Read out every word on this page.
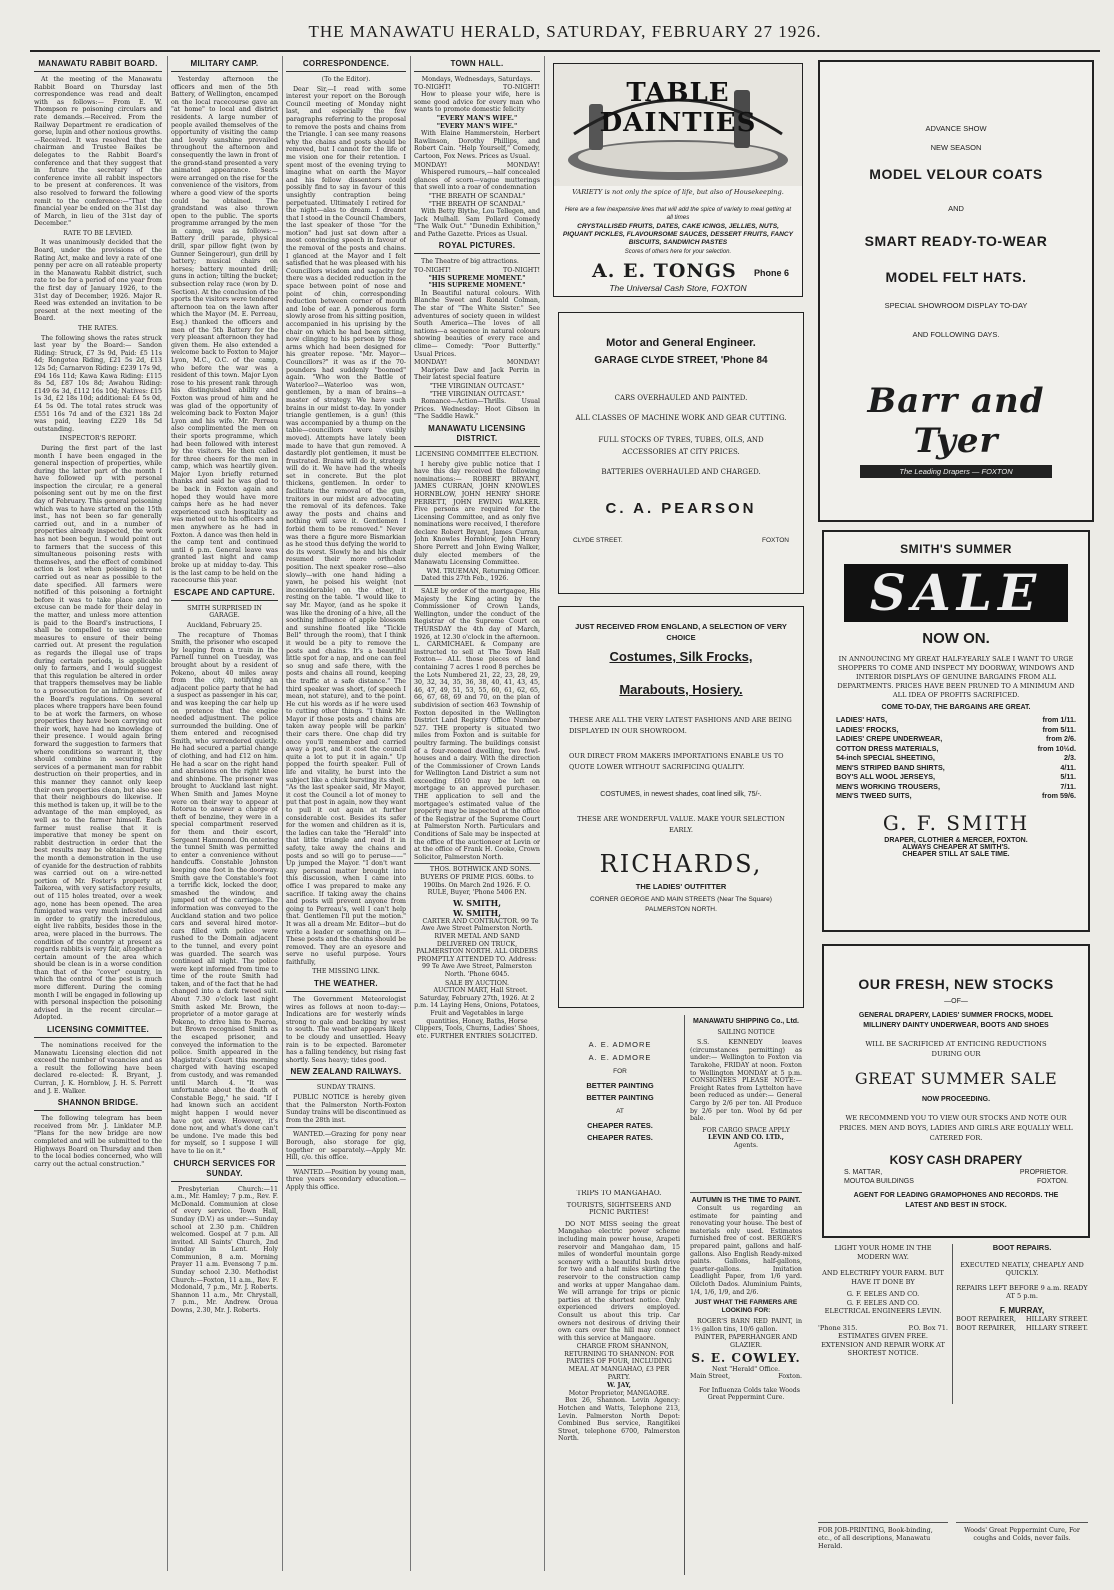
THE MANAWATU HERALD, SATURDAY, FEBRUARY 27 1926.
MANAWATU RABBIT BOARD.

At the meeting of the Manawatu Rabbit Board on Thursday last correspondence was read and dealt with as follows:— From E. W. Thompson re poisoning circulars and rate demands.—Received. From the Railway Department re eradication of gorse, lupin and other noxious growths.—Received. It was resolved that the chairman and Trustee Baikes be delegates to the Rabbit Board's conference and that they suggest that in future the secretary of the conference invite all rabbit inspectors to be present at conferences. It was also resolved to forward the following remit to the conference:—"That the financial year be ended on the 31st day of March, in lieu of the 31st day of December."

RATE TO BE LEVIED.

It was unanimously decided that the Board, under the provisions of the Rating Act, make and levy a rate of one penny per acre on all rateable property in the Manawatu Rabbit district, such rate to be for a period of one year from the first day of January 1926, to the 31st day of December, 1926. Major R. Reed was extended an invitation to be present at the next meeting of the Board.

THE RATES.

The following shows the rates struck last year by the Board:— Sandon Riding: Struck, £7 3s 9d, Paid: £5 11s 4d; Rongotea Riding, £21 5s 2d, £13 12s 5d; Carnarvon Riding: £239 17s 9d, £94 16s 11d; Kawa Kawa Riding: £115 8s 5d, £87 10s 8d; Awahou Riding: £149 6s 3d, £112 16s 10d; Natives: £15 1s 3d, £2 18s 10d; additional: £4 5s 0d, £4 5s 0d. The total rates struck was £551 16s 7d and of the £321 18s 2d was paid, leaving £229 18s 5d outstanding.

INSPECTOR'S REPORT.

During the first part of the last month I have been engaged in the general inspection of properties, while during the latter part of the month I have followed up with personal inspection the circular, re a general poisoning sent out by me on the first day of February. This general poisoning which was to have started on the 15th inst., has not been so far generally carried out, and in a number of properties already inspected, the work has not been begun. I would point out to farmers that the success of this simultaneous poisoning rests with themselves, and the effect of combined action is lost when poisoning is not carried out as near as possible to the date specified. All farmers were notified of this poisoning a fortnight before it was to take place and no excuse can be made for their delay in the matter, and unless more attention is paid to the Board's instructions, I shall be compelled to use extreme measures to ensure of their being carried out. At present the regulation as regards the illegal use of traps during certain periods, is applicable only to farmers, and I would suggest that this regulation be altered in order that trappers themselves may be liable to a prosecution for an infringement of the Board's regulations. On several places where trappers have been found to be at work the farmers, on whose properties they have been carrying out their work, have had no knowledge of their presence. I would again bring forward the suggestion to farmers that where conditions so warrant it, they should combine in securing the services of a permanent man for rabbit destruction on their properties, and in this manner they cannot only keep their own properties clean, but also see that their neighbours do likewise. If this method is taken up, it will be to the advantage of the man employed, as well as to the farmer himself. Each farmer must realise that it is imperative that money be spent on rabbit destruction in order that the best results may be obtained. During the month a demonstration in the use of cyanide for the destruction of rabbits was carried out on a wire-netted portion of Mr. Foster's property at Taikorea, with very satisfactory results, out of 115 holes treated, over a week ago, none has been opened. The area fumigated was very much infested and in order to gratify the incredulous, eight live rabbits, besides those in the area, were placed in the burrows. The condition of the country at present as regards rabbits is very fair, altogether a certain amount of the area which should be clean is in a worse condition than that of the "cover" country, in which the control of the pest is much more different. During the coming month I will be engaged in following up with personal inspection the poisoning advised in the recent circular.—Adopted.

LICENSING COMMITTEE.

The nominations received for the Manawatu Licensing election did not exceed the number of vacancies and as a result the following have been declared re-elected: R. Bryant, J. Curran, J. K. Hornblow, J. H. S. Perrett and J. E. Walker.

SHANNON BRIDGE.

The following telegram has been received from Mr. J. Linklater M.P. "Plans for the new bridge are now completed and will be submitted to the Highways Board on Thursday and then to the local bodies concerned, who will carry out the actual construction."

MILITARY CAMP.

Yesterday afternoon the officers and men of the 5th Battery, of Wellington, encamped on the local racecourse gave an "at home" to local and district residents. A large number of people availed themselves of the opportunity of visiting the camp and lovely sunshine prevailed throughout the afternoon and consequently the lawn in front of the grand-stand presented a very animated appearance. Seats were arranged on the rise for the convenience of the visitors, from where a good view of the sports could be obtained. The grandstand was also thrown open to the public. The sports programme arranged by the men in camp, was as follows:— Battery drill parade, physical drill, spar pillow fight (won by Gunner Seingerour), gun drill by battery; musical chairs on horses; battery mounted drill; guns in action; tilting the bucket; subsection relay race (won by D. Section). At the conclusion of the sports the visitors were tendered afternoon tea on the lawn after which the Mayor (M. E. Perreau, Esq.) thanked the officers and men of the 5th Battery for the very pleasant afternoon they had given them. He also extended a welcome back to Foxton to Major Lyon, M.C., O.C. of the camp, who before the war was a resident of this town. Major Lyon rose to his present rank through his distinguished ability and Foxton was proud of him and he was glad of the opportunity of welcoming back to Foxton Major Lyon and his wife. Mr. Perreau also complimented the men on their sports programme, which had been followed with interest by the visitors. He then called for three cheers for the men in camp, which was heartily given. Major Lyon briefly returned thanks and said he was glad to be back in Foxton again and hoped they would have more camps here as he had never experienced such hospitality as was meted out to his officers and men anywhere as he had in Foxton. A dance was then held in the camp tent and continued until 6 p.m. General leave was granted last night and camp broke up at midday to-day. This is the last camp to be held on the racecourse this year.

ESCAPE AND CAPTURE.
SMITH SURPRISED IN GARAGE.
Auckland, February 25.

The recapture of Thomas Smith, the prisoner who escaped by leaping from a train in the Parnell tunnel on Tuesday, was brought about by a resident of Pokeno, about 40 miles away from the city, notifying an adjacent police party that he had a suspect as passenger in his car, and was keeping the car help up on pretence that the engine needed adjustment. The police surrounded the building. One of them entered and recognised Smith, who surrendered quietly. He had secured a partial change of clothing, and had £12 on him. He had a scar on the right hand and abrasions on the right knee and shinbone. The prisoner was brought to Auckland last night. When Smith and James Moyne were on their way to appear at Rotorua to answer a charge of theft of benzine, they were in a special compartment reserved for them and their escort, Sergeant Hammond. On entering the tunnel Smith was permitted to enter a convenience without handcuffs. Constable Johnston keeping one foot in the doorway. Smith gave the Constable's foot a terrific kick, locked the door, smashed the window, and jumped out of the carriage. The information was conveyed to the Auckland station and two police cars and several hired motor-cars filled with police were rushed to the Domain adjacent to the tunnel, and every point was guarded. The search was continued all night. The police were kept informed from time to time of the route Smith had taken, and of the fact that he had changed into a dark tweed suit. About 7.30 o'clock last night Smith asked Mr. Brown, the proprietor of a motor garage at Pokeno, to drive him to Paeroa, but Brown recognised Smith as the escaped prisoner, and conveyed the information to the police. Smith appeared in the Magistrate's Court this morning charged with having escaped from custody, and was remanded until March 4. "It was unfortunate about the death of Constable Begg," he said. "If I had known such an accident might happen I would never have got away. However, it's done now, and what's done can't be undone. I've made this bed for myself, so I suppose I will have to lie on it."

CHURCH SERVICES FOR SUNDAY.

Presbyterian Church:—11 a.m., Mr. Hamley; 7 p.m., Rev. F. McDonald. Communion at close of every service. Town Hall, Sunday (D.V.) as under:—Sunday school at 2.30 p.m. Children welcomed. Gospel at 7 p.m. All invited. All Saints' Church, 2nd Sunday in Lent. Holy Communion, 8 a.m. Morning Prayer 11 a.m. Evensong 7 p.m. Sunday school 2.30. Methodist Church:—Foxton, 11 a.m., Rev. F. Mcdonald, 7 p.m., Mr. J. Roberts. Shannon 11 a.m., Mr. Chrystall, 7 p.m., Mr. Andrew. Oroua Downs, 2.30, Mr. J. Roberts.

CORRESPONDENCE.
(To the Editor).

Dear Sir,—I read with some interest your report on the Borough Council meeting of Monday night last, and especially the few paragraphs referring to the proposal to remove the posts and chains from the Triangle. I can see many reasons why the chains and posts should be removed, but I cannot for the life of me vision one for their retention. I spent most of the evening trying to imagine what on earth the Mayor and his fellow dissenters could possibly find to say in favour of this unsightly contraption being perpetuated. Ultimately I retired for the night—alas to dream. I dreamt that I stood in the Council Chambers, the last speaker of those "for the motion" had just sat down after a most convincing speech in favour of the removal of the posts and chains. I glanced at the Mayor and I felt satisfied that he was pleased with his Councillors wisdom and sagacity for there was a decided reduction in the space between point of nose and point of chin, corresponding reduction between corner of mouth and lobe of ear. A ponderous form slowly arose from his sitting position, accompanied in his uprising by the chair on which he had been sitting, now clinging to his person by those arms which had been designed for his greater repose. "Mr. Mayor—Councillors?" it was as if the 70-pounders had suddenly "boomed" again. "Who won the Battle of Waterloo?—Waterloo was won, gentlemen, by a man of brains—a master of strategy. We have such brains in our midst to-day. In yonder triangle gentlemen, is a gun! (this was accompanied by a thump on the table—councillors were visibly moved). Attempts have lately been made to have that gun removed. A dastardly plot gentlemen, it must be frustrated. Brains will do it, strategy will do it. We have had the wheels set in concrete. But the plot thickens, gentlemen. In order to facilitate the removal of the gun, traitors in our midst are advocating the removal of its defences. Take away the posts and chains and nothing will save it. Gentlemen I forbid them to be removed." Never was there a figure more Bismarkian as he stood thus defying the world to do its worst. Slowly he and his chair resumed their more orthodox position. The next speaker rose—also slowly—with one hand hiding a yawn, he poised his weight (not inconsiderable) on the other, it resting on the table. "I would like to say Mr. Mayor, (and as he spoke it was like the droning of a hive, all the soothing influence of apple blossom and sunshine floated like "Tickle Bell" through the room), that I think it would be a pity to remove the posts and chains. It's a beautiful little spot for a nap, and one can feel so snug and safe there, with the posts and chains all round, keeping the traffic at a safe distance." The third speaker was short, (of speech I mean, not stature), and to the point. He cut his words as if he were used to cutting other things. "I think Mr. Mayor if those posts and chains are taken away people will be parkin' their cars there. One chap did try once you'll remember and carried away a post, and it cost the council quite a lot to put it in again." Up popped the fourth speaker. Full of life and vitality, he burst into the subject like a chick bursting its shell. "As the last speaker said, Mr Mayor, it cost the Council a lot of money to put that post in again, now they want to pull it out again at further considerable cost. Besides its safer for the women and children as it is, the ladies can take the "Herald" into that little triangle and read it in safety, take away the chains and posts and so will go to peruse——" Up jumped the Mayor. "I don't want any personal matter brought into this discussion, when I came into office I was prepared to make any sacrifice. If taking away the chains and posts will prevent anyone from going to Perreau's, well I can't help that. Gentlemen I'll put the motion." It was all a dream Mr. Editor—but do write a leader or something on it—These posts and the chains should be removed. They are an eyesore and serve no useful purpose. Yours faithfully,

THE MISSING LINK.
THE WEATHER.

The Government Meteorologist wires as follows at noon to-day:— Indications are for westerly winds strong to gale and backing by west to south. The weather appears likely to be cloudy and unsettled. Heavy rain is to be expected. Barometer has a falling tendency, but rising fast shortly. Seas heavy; tides good.

NEW ZEALAND RAILWAYS.
SUNDAY TRAINS.

PUBLIC NOTICE is hereby given that the Palmerston North-Foxton Sunday trains will be discontinued as from the 28th inst.

WANTED.—Grazing for pony near Borough, also storage for gig, together or separately.—Apply Mr. Hill, c/o. this office.

WANTED.—Position by young man, three years secondary education.—Apply this office.

TOWN HALL.
Mondays, Wednesdays, Saturdays.
TO-NIGHT!	TO-NIGHT!

How to please your wife, here is some good advice for every man who wants to promote domestic felicity

"EVERY MAN'S WIFE."
"EVERY MAN'S WIFE."

With Elaine Hammerstein, Herbert Rawlinson, Dorothy Phillips, and Robert Cain. "Help Yourself," Comedy, Cartoon, Fox News. Prices as Usual.

MONDAY!	MONDAY!

Whispered rumours,—half concealed glances of scorn—vague mutterings that swell into a roar of condemnation

"THE BREATH OF SCANDAL"
"THE BREATH OF SCANDAL"

With Betty Blythe, Lou Tellegen, and Jack Mulhall. Sam Pollard Comedy "The Walk Out." "Dunedin Exhibition," and Pathe Gazette. Prices as Usual.

ROYAL PICTURES.

The Theatre of big attractions.

TO-NIGHT!	TO-NIGHT!
"HIS SUPREME MOMENT."
"HIS SUPREME MOMENT."

In Beautiful natural colours. With Blanche Sweet and Ronald Colman, The star of "The White Sister." See adventures of society queen in wildest South America—The loves of all nations—a sequence in natural colours showing beauties of every race and clime— Comedy: "Poor Butterfly." Usual Prices.

MONDAY!	MONDAY!

Marjorie Daw and Jack Perrin in Their latest special feature

"THE VIRGINIAN OUTCAST."
"THE VIRGINIAN OUTCAST."

Romance—Action—Thrills. Usual Prices. Wednesday: Hoot Gibson in "The Saddle Hawk."

MANAWATU LICENSING DISTRICT.
LICENSING COMMITTEE ELECTION.

I hereby give public notice that I have this day received the following nominations:— ROBERT BRYANT, JAMES CURRAN, JOHN KNOWLES HORNBLOW, JOHN HENRY SHORE PERRETT, JOHN EWING WALKER. Five persons are required for the Licensing Committee, and as only five nominations were received, I therefore declare Robert Bryant, James Curran, John Knowles Hornblow, John Henry Shore Perrett and John Ewing Walker, duly elected members of the Manawatu Licensing Committee.

WM. TRUEMAN, Returning Officer.

Dated this 27th Feb., 1926.

SALE by order of the mortgagee, His Majesty the King acting by the Commissioner of Crown Lands, Wellington, under the conduct of the Registrar of the Supreme Court on THURSDAY the 4th day of March, 1926, at 12.30 o'clock in the afternoon. L. CARMICHAEL & Company are instructed to sell at The Town Hall Foxton— ALL those pieces of land containing 7 acres 1 rood 8 perches be the Lots Numbered 21, 22, 23, 28, 29, 30, 32, 34, 35, 36, 38, 40, 41, 43, 45, 46, 47, 49, 51, 53, 55, 60, 61, 62, 65, 66, 67, 68, 69 and 70, on the plan of subdivision of section 463 Township of Foxton deposited in the Wellington District Land Registry Office Number 527. THE property is situated two miles from Foxton and is suitable for poultry farming. The buildings consist of a four-roomed dwelling, two fowl-houses and a dairy. With the direction of the Commissioner of Crown Lands for Wellington Land District a sum not exceeding £610 may be left on mortgage to an approved purchaser. THE application to sell and the mortgagee's estimated value of the property may be inspected at the office of the Registrar of the Supreme Court at Palmerston North. Particulars and Conditions of Sale may be inspected at the office of the auctioneer at Levin or at the office of Frank H. Cooke, Crown Solicitor, Palmerston North.

THOS. BOTHWICK AND SONS. BUYERS OF PRIME PIGS. 60lbs. to 190lbs. On March 2nd 1926. F. O. RULE, Buyer, 'Phone 5406 P.N.

W. SMITH,
W. SMITH,

CARTER AND CONTRACTOR. 99 Te Awe Awe Street Palmerston North. RIVER METAL AND SAND DELIVERED ON TRUCK, PALMERSTON NORTH. ALL ORDERS PROMPTLY ATTENDED TO. Address: 99 Te Awe Awe Street, Palmerston North. 'Phone 6045.

SALE BY AUCTION.

AUCTION MART, Hall Street. Saturday, February 27th, 1926. At 2 p.m. 14 Laying Hens, Onions, Potatoes, Fruit and Vegetables in large quantities, Honey, Baths, Horse Clippers, Tools, Churns, Ladies' Shoes, etc. FURTHER ENTRIES SOLICITED.

TABLE DAINTIES
VARIETY is not only the spice of life, but also of Housekeeping.
Here are a few inexpensive lines that will add the spice of variety to meal getting at all times
CRYSTALLISED FRUITS, DATES, CAKE ICINGS, JELLIES, NUTS, PIQUANT PICKLES, FLAVOURSOME SAUCES, DESSERT FRUITS, FANCY BISCUITS, SANDWICH PASTES
Scores of others here for your selection.
A. E. TONGS Phone 6
The Universal Cash Store, FOXTON
Motor and General Engineer.
GARAGE CLYDE STREET, 'Phone 84
CARS OVERHAULED AND PAINTED.
ALL CLASSES OF MACHINE WORK AND GEAR CUTTING.
FULL STOCKS OF TYRES, TUBES, OILS, AND ACCESSORIES AT CITY PRICES.
BATTERIES OVERHAULED AND CHARGED.
C. A. PEARSON
CLYDE STREET.	FOXTON
JUST RECEIVED FROM ENGLAND, A SELECTION OF VERY CHOICE
Costumes, Silk Frocks,
Marabouts, Hosiery.
THESE ARE ALL THE VERY LATEST FASHIONS AND ARE BEING DISPLAYED IN OUR SHOWROOM.
OUR DIRECT FROM MAKERS IMPORTATIONS ENABLE US TO QUOTE LOWER WITHOUT SACRIFICING QUALITY.
COSTUMES, in newest shades, coat lined silk, 75/-.
THESE ARE WONDERFUL VALUE. MAKE YOUR SELECTION EARLY.
RICHARDS,
THE LADIES' OUTFITTER
CORNER GEORGE AND MAIN STREETS (Near The Square) PALMERSTON NORTH.
A. E. ADMORE
A. E. ADMORE
FOR
BETTER PAINTING
BETTER PAINTING
AT
CHEAPER RATES.
CHEAPER RATES.
TRIPS TO MANGAHAO.
TOURISTS, SIGHTSEERS AND PICNIC PARTIES!

DO NOT MISS seeing the great Mangahao electric power scheme including main power house, Arapeti reservoir and Mangahao dam, 15 miles of wonderful mountain gorge scenery with a beautiful bush drive for two and a half miles skirting the reservoir to the construction camp and works at upper Mangahao dam. We will arrange for trips or picnic parties at the shortest notice. Only experienced drivers employed. Consult us about this trip. Car owners not desirous of driving their own cars over the hill may connect with this service at Mangaore.

CHARGE FROM SHANNON, RETURNING TO SHANNON: FOR PARTIES OF FOUR, INCLUDING MEAL AT MANGAHAO, £3 PER PARTY.

W. JAY,
Motor Proprietor, MANGAORE.

Box 26, Shannon. Levin Agency: Hotchen and Watts, Telephone 213, Levin. Palmerston North Depot: Combined Bus service, Rangitikei Street, telephone 6700, Palmerston North.

MANAWATU SHIPPING Co., Ltd.
SAILING NOTICE

S.S. KENNEDY leaves (circumstances permitting) as under:— Wellington to Foxton via Tarakohe, FRIDAY at noon. Foxton to Wellington MONDAY at 5 p.m. CONSIGNEES PLEASE NOTE:— Freight Rates from Lyttelton have been reduced as under:— General Cargo by 2/6 per ton. All Produce by 2/6 per ton. Wool by 6d per bale.

FOR CARGO SPACE APPLY
LEVIN AND CO. LTD.,
Agents.
AUTUMN IS THE TIME TO PAINT.

Consult us regarding an estimate for painting and renovating your house. The best of materials only used. Estimates furnished free of cost. BERGER'S prepared paint, gallons and half-gallons. Also English Ready-mixed paints. Gallons, half-gallons, quarter-gallons. Imitation Leadlight Paper, from 1/6 yard. Oilcloth Dados. Aluminium Paints, 1/4, 1/6, 1/9, and 2/6.

JUST WHAT THE FARMERS ARE LOOKING FOR:

ROGER'S BARN RED PAINT, in 1½ gallon tins, 10/6 gallon.

PAINTER, PAPERHANGER AND GLAZIER.
S. E. COWLEY.
Next "Herald" Office.
Main Street,	Foxton.

For Influenza Colds take Woods Great Peppermint Cure.

ADVANCE SHOW
NEW SEASON
MODEL VELOUR COATS
AND
SMART READY-TO-WEAR
MODEL FELT HATS.
SPECIAL SHOWROOM DISPLAY TO-DAY
AND FOLLOWING DAYS.
Barr and Tyer
The Leading Drapers — FOXTON
SMITH'S SUMMER
SALE
NOW ON.
IN ANNOUNCING MY GREAT HALF-YEARLY SALE I WANT TO URGE SHOPPERS TO COME AND INSPECT MY DOORWAY, WINDOWS AND INTERIOR DISPLAYS OF GENUINE BARGAINS FROM ALL DEPARTMENTS. PRICES HAVE BEEN PRUNED TO A MINIMUM AND ALL IDEA OF PROFITS SACRIFICED.
COME TO-DAY, THE BARGAINS ARE GREAT.
LADIES' HATS,	from 1/11.
LADIES' FROCKS,	from 5/11.
LADIES' CREPE UNDERWEAR,	from 2/6.
COTTON DRESS MATERIALS,	from 10½d.
54-inch SPECIAL SHEETING,	2/3.
MEN'S STRIPED BAND SHIRTS,	4/11.
BOY'S ALL WOOL JERSEYS,	5/11.
MEN'S WORKING TROUSERS,	7/11.
MEN'S TWEED SUITS,	from 59/6.
G. F. SMITH
DRAPER, CLOTHIER & MERCER, FOXTON.
ALWAYS CHEAPER AT SMITH'S.
CHEAPER STILL AT SALE TIME.
OUR FRESH, NEW STOCKS
—OF—
GENERAL DRAPERY, LADIES' SUMMER FROCKS, MODEL MILLINERY DAINTY UNDERWEAR, BOOTS AND SHOES
WILL BE SACRIFICED AT ENTICING REDUCTIONS DURING OUR
GREAT SUMMER SALE
NOW PROCEEDING.
WE RECOMMEND YOU TO VIEW OUR STOCKS AND NOTE OUR PRICES. MEN AND BOYS, LADIES AND GIRLS ARE EQUALLY WELL CATERED FOR.
KOSY CASH DRAPERY
S. MATTAR,	PROPRIETOR.
MOUTOA BUILDINGS	FOXTON.
AGENT FOR LEADING GRAMOPHONES AND RECORDS. THE LATEST AND BEST IN STOCK.
LIGHT YOUR HOME IN THE MODERN WAY.
AND ELECTRIFY YOUR FARM. BUT HAVE IT DONE BY
G. F. EELES AND CO.
G. F. EELES AND CO.
ELECTRICAL ENGINEERS LEVIN.
'Phone 315.	P.O. Box 71.
ESTIMATES GIVEN FREE. EXTENSION AND REPAIR WORK AT SHORTEST NOTICE.
BOOT REPAIRS.
EXECUTED NEATLY, CHEAPLY AND QUICKLY.
REPAIRS LEFT BEFORE 9 a.m. READY AT 5 p.m.
F. MURRAY,
BOOT REPAIRER, HILLARY STREET.
BOOT REPAIRER, HILLARY STREET.
FOR JOB-PRINTING, Book-binding, etc., of all descriptions, Manawatu Herald.
Woods' Great Peppermint Cure, For coughs and Colds, never fails.
